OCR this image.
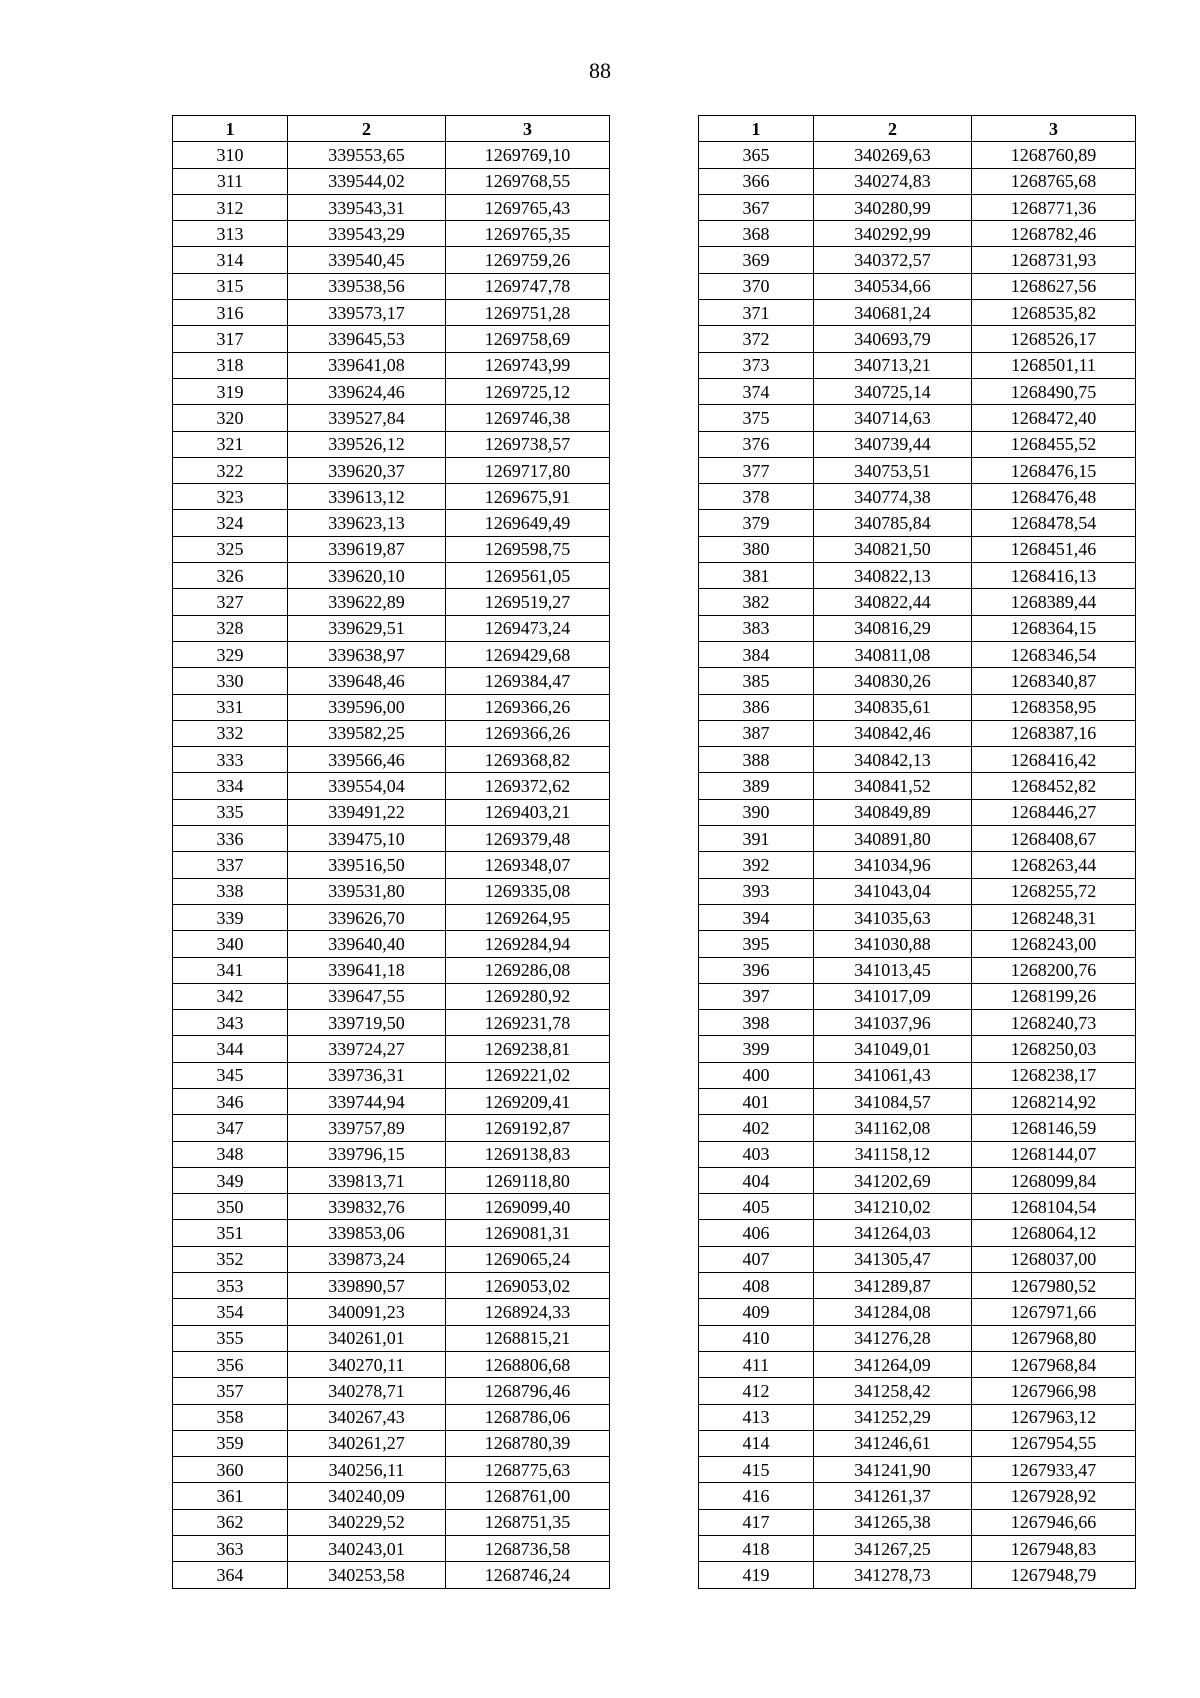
88
1	2	3
310	339553,65	1269769,10
311	339544,02	1269768,55
312	339543,31	1269765,43
313	339543,29	1269765,35
314	339540,45	1269759,26
315	339538,56	1269747,78
316	339573,17	1269751,28
317	339645,53	1269758,69
318	339641,08	1269743,99
319	339624,46	1269725,12
320	339527,84	1269746,38
321	339526,12	1269738,57
322	339620,37	1269717,80
323	339613,12	1269675,91
324	339623,13	1269649,49
325	339619,87	1269598,75
326	339620,10	1269561,05
327	339622,89	1269519,27
328	339629,51	1269473,24
329	339638,97	1269429,68
330	339648,46	1269384,47
331	339596,00	1269366,26
332	339582,25	1269366,26
333	339566,46	1269368,82
334	339554,04	1269372,62
335	339491,22	1269403,21
336	339475,10	1269379,48
337	339516,50	1269348,07
338	339531,80	1269335,08
339	339626,70	1269264,95
340	339640,40	1269284,94
341	339641,18	1269286,08
342	339647,55	1269280,92
343	339719,50	1269231,78
344	339724,27	1269238,81
345	339736,31	1269221,02
346	339744,94	1269209,41
347	339757,89	1269192,87
348	339796,15	1269138,83
349	339813,71	1269118,80
350	339832,76	1269099,40
351	339853,06	1269081,31
352	339873,24	1269065,24
353	339890,57	1269053,02
354	340091,23	1268924,33
355	340261,01	1268815,21
356	340270,11	1268806,68
357	340278,71	1268796,46
358	340267,43	1268786,06
359	340261,27	1268780,39
360	340256,11	1268775,63
361	340240,09	1268761,00
362	340229,52	1268751,35
363	340243,01	1268736,58
364	340253,58	1268746,24
1	2	3
365	340269,63	1268760,89
366	340274,83	1268765,68
367	340280,99	1268771,36
368	340292,99	1268782,46
369	340372,57	1268731,93
370	340534,66	1268627,56
371	340681,24	1268535,82
372	340693,79	1268526,17
373	340713,21	1268501,11
374	340725,14	1268490,75
375	340714,63	1268472,40
376	340739,44	1268455,52
377	340753,51	1268476,15
378	340774,38	1268476,48
379	340785,84	1268478,54
380	340821,50	1268451,46
381	340822,13	1268416,13
382	340822,44	1268389,44
383	340816,29	1268364,15
384	340811,08	1268346,54
385	340830,26	1268340,87
386	340835,61	1268358,95
387	340842,46	1268387,16
388	340842,13	1268416,42
389	340841,52	1268452,82
390	340849,89	1268446,27
391	340891,80	1268408,67
392	341034,96	1268263,44
393	341043,04	1268255,72
394	341035,63	1268248,31
395	341030,88	1268243,00
396	341013,45	1268200,76
397	341017,09	1268199,26
398	341037,96	1268240,73
399	341049,01	1268250,03
400	341061,43	1268238,17
401	341084,57	1268214,92
402	341162,08	1268146,59
403	341158,12	1268144,07
404	341202,69	1268099,84
405	341210,02	1268104,54
406	341264,03	1268064,12
407	341305,47	1268037,00
408	341289,87	1267980,52
409	341284,08	1267971,66
410	341276,28	1267968,80
411	341264,09	1267968,84
412	341258,42	1267966,98
413	341252,29	1267963,12
414	341246,61	1267954,55
415	341241,90	1267933,47
416	341261,37	1267928,92
417	341265,38	1267946,66
418	341267,25	1267948,83
419	341278,73	1267948,79
